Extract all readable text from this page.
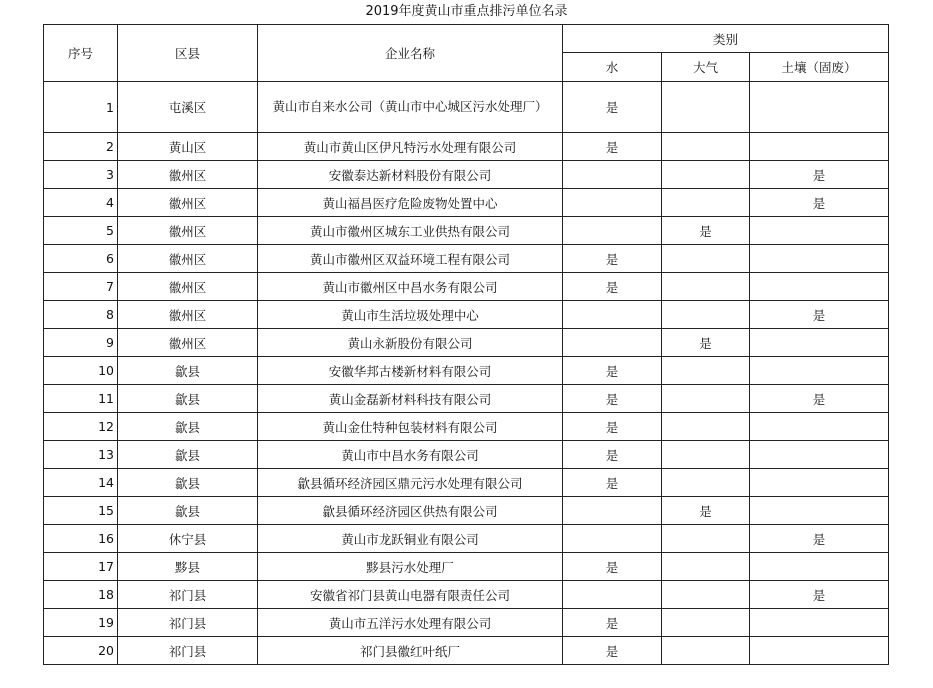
2019年度黄山市重点排污单位名录
序号	区县	企业名称	类别		
			水	大气	土壤（固废）
1	屯溪区	黄山市自来水公司（黄山市中心城区污水处理厂）	是		
2	黄山区	黄山市黄山区伊凡特污水处理有限公司	是		
3	徽州区	安徽泰达新材料股份有限公司			是
4	徽州区	黄山福昌医疗危险废物处置中心			是
5	徽州区	黄山市徽州区城东工业供热有限公司		是	
6	徽州区	黄山市徽州区双益环境工程有限公司	是		
7	徽州区	黄山市徽州区中昌水务有限公司	是		
8	徽州区	黄山市生活垃圾处理中心			是
9	徽州区	黄山永新股份有限公司		是	
10	歙县	安徽华邦古楼新材料有限公司	是		
11	歙县	黄山金磊新材料科技有限公司	是		是
12	歙县	黄山金仕特种包装材料有限公司	是		
13	歙县	黄山市中昌水务有限公司	是		
14	歙县	歙县循环经济园区鼎元污水处理有限公司	是		
15	歙县	歙县循环经济园区供热有限公司		是	
16	休宁县	黄山市龙跃铜业有限公司			是
17	黟县	黟县污水处理厂	是		
18	祁门县	安徽省祁门县黄山电器有限责任公司			是
19	祁门县	黄山市五洋污水处理有限公司	是		
20	祁门县	祁门县徽红叶纸厂	是		
